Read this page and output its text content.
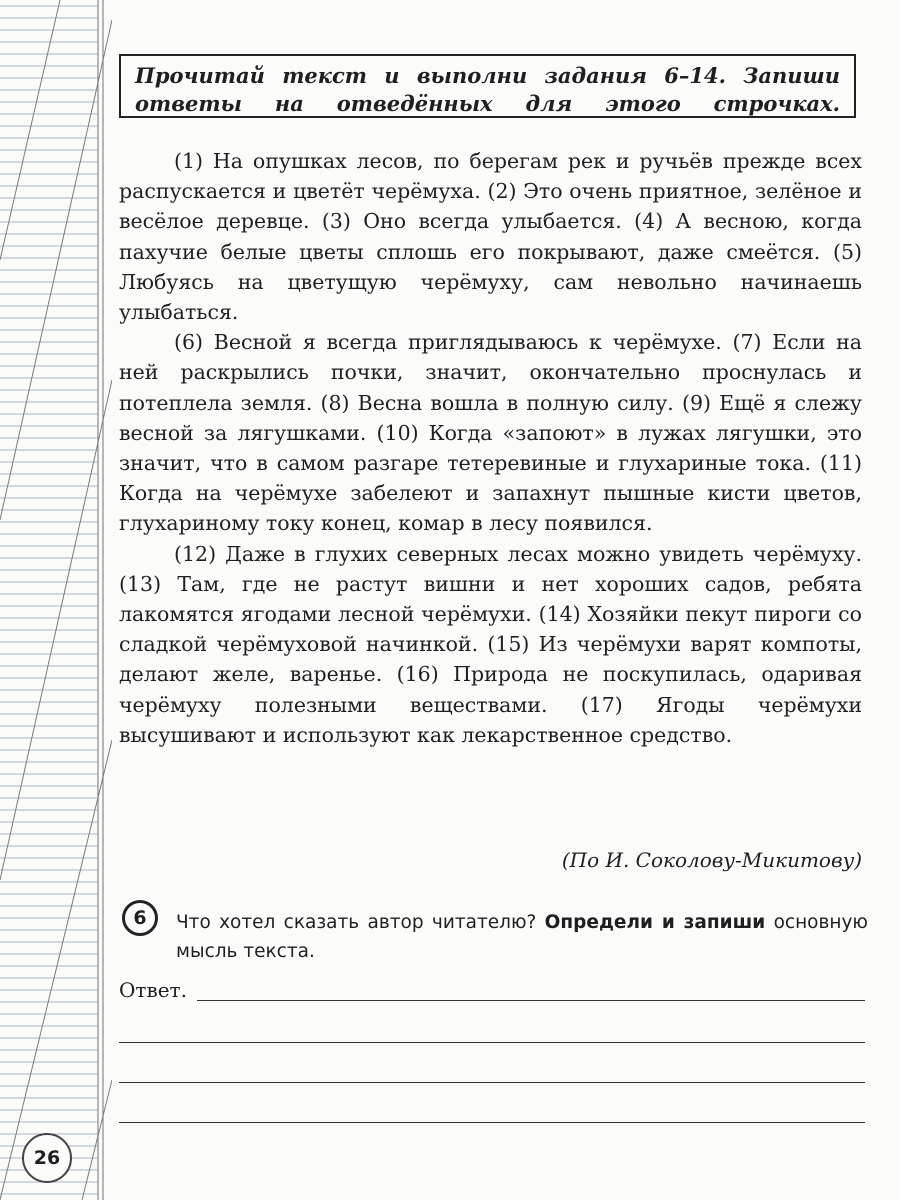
Прочитай текст и выполни задания 6–14. Запиши ответы на отведённых для этого строчках.

(1) На опушках лесов, по берегам рек и ручьёв прежде всех распускается и цветёт черёмуха. (2) Это очень приятное, зелёное и весёлое деревце. (3) Оно всегда улыбается. (4) А весною, когда пахучие белые цветы сплошь его покрывают, даже смеётся. (5) Любуясь на цветущую черёмуху, сам невольно начинаешь улыбаться.

(6) Весной я всегда приглядываюсь к черёмухе. (7) Если на ней раскрылись почки, значит, окончательно проснулась и потеплела земля. (8) Весна вошла в полную силу. (9) Ещё я слежу весной за лягушками. (10) Когда «запоют» в лужах лягушки, это значит, что в самом разгаре тетеревиные и глухариные тока. (11) Когда на черёмухе забелеют и запахнут пышные кисти цветов, глухариному току конец, комар в лесу появился.

(12) Даже в глухих северных лесах можно увидеть черёмуху. (13) Там, где не растут вишни и нет хороших садов, ребята лакомятся ягодами лесной черёмухи. (14) Хозяйки пекут пироги со сладкой черёмуховой начинкой. (15) Из черёмухи варят компоты, делают желе, варенье. (16) Природа не поскупилась, одаривая черёмуху полезными веществами. (17) Ягоды черёмухи высушивают и используют как лекарственное средство.

(По И. Соколову-Микитову)
6	Что хотел сказать автор читателю? Определи и запиши основную мысль текста.
Ответ.
26
